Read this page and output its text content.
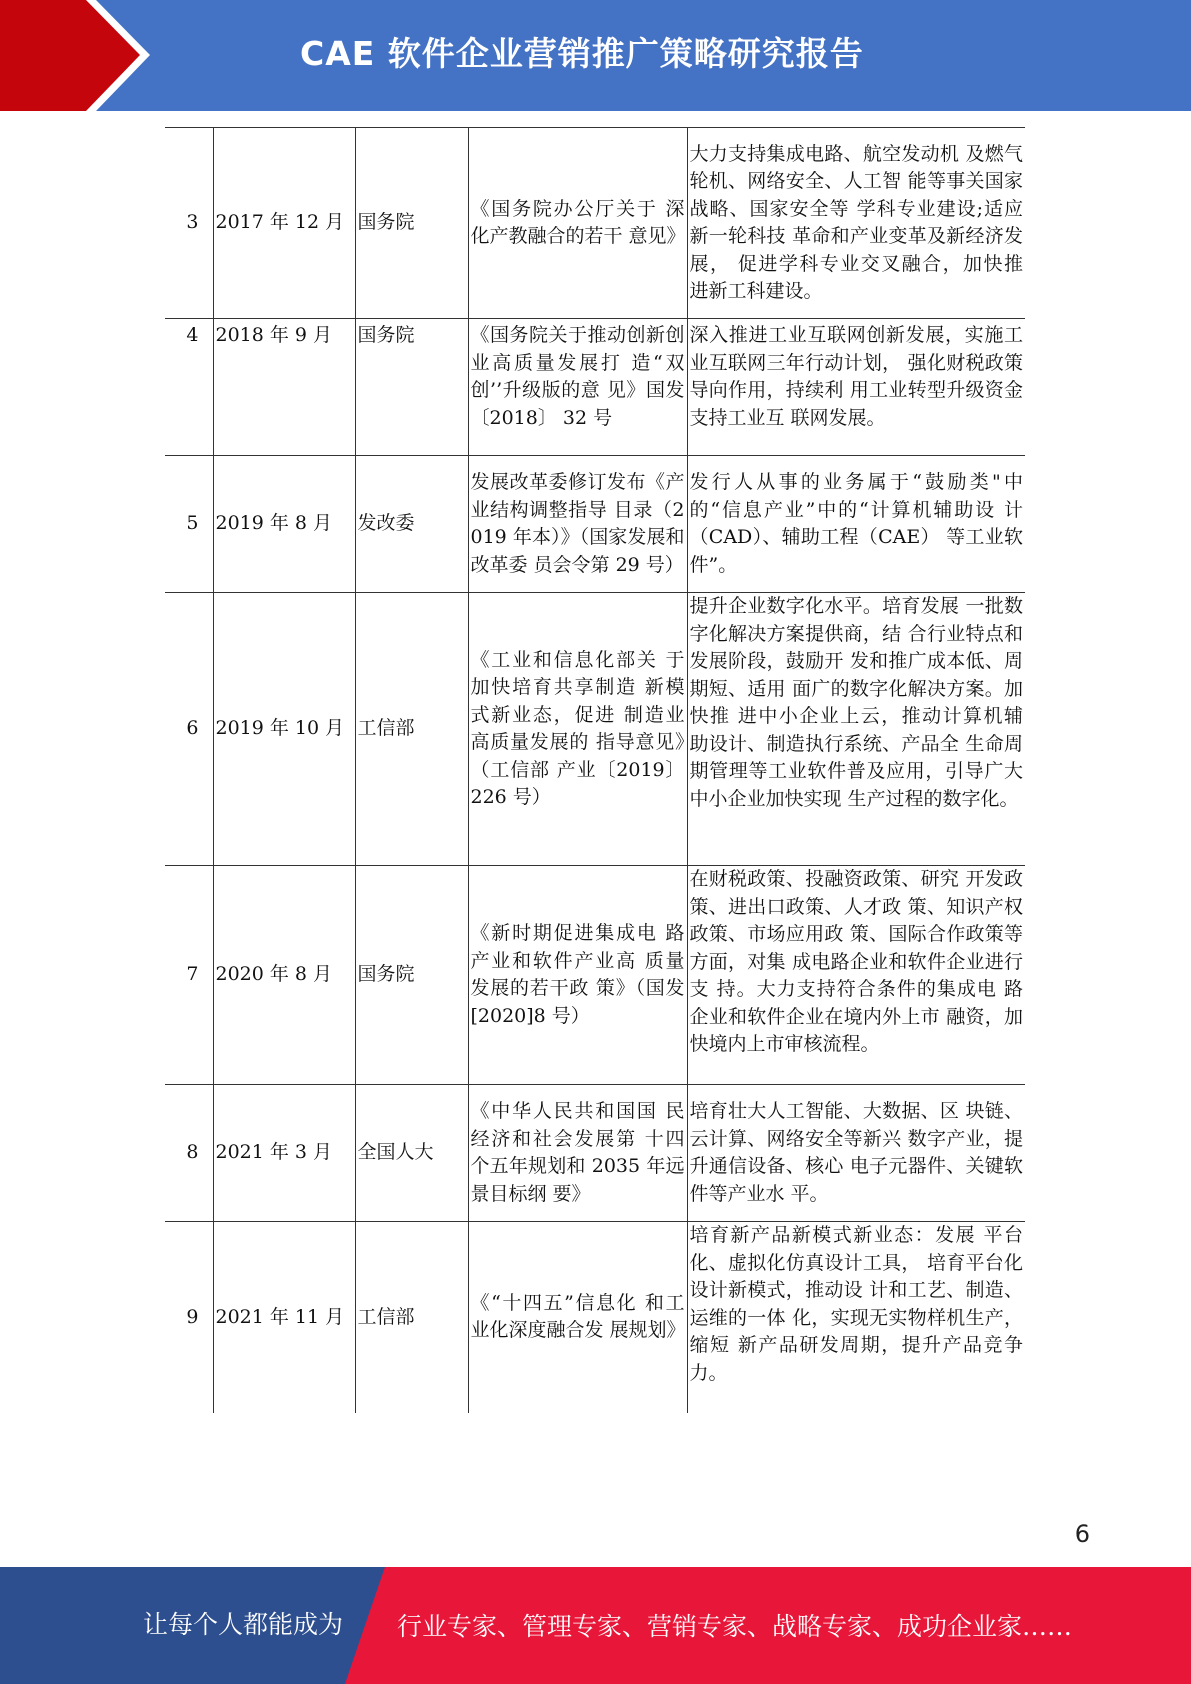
CAE 软件企业营销推广策略研究报告
3	2017 年 12 月	国务院	《国务院办公厅关于 深化产教融合的若干 意见》	大力支持集成电路、航空发动机 及燃气轮机、网络安全、人工智 能等事关国家战略、国家安全等 学科专业建设;适应新一轮科技 革命和产业变革及新经济发展， 促进学科专业交叉融合，加快推 进新工科建设。
4	2018 年 9 月	国务院	《国务院关于推动创新创业高质量发展打 造“双创’’升级版的意 见》国发〔2018〕 32 号	深入推进工业互联网创新发展，实施工业互联网三年行动计划， 强化财税政策导向作用，持续利 用工业转型升级资金支持工业互 联网发展。
5	2019 年 8 月	发改委	发展改革委修订发布《产业结构调整指导 目录（2019 年本）》（国家发展和改革委 员会令第 29 号）	发行人从事的业务属于“鼓励类"中 的“信息产业”中的“计算机辅助设 计（CAD）、辅助工程（CAE） 等工业软件”。
6	2019 年 10 月	工信部	《工业和信息化部关 于加快培育共享制造 新模式新业态，促进 制造业高质量发展的 指导意见》（工信部 产业〔2019〕 226 号）	提升企业数字化水平。培育发展 一批数字化解决方案提供商，结 合行业特点和发展阶段，鼓励开 发和推广成本低、周期短、适用 面广的数字化解决方案。加快推 进中小企业上云，推动计算机辅 助设计、制造执行系统、产品全 生命周期管理等工业软件普及应用，引导广大中小企业加快实现 生产过程的数字化。
7	2020 年 8 月	国务院	《新时期促进集成电 路产业和软件产业高 质量发展的若干政 策》（国发[2020]8 号）	在财税政策、投融资政策、研究 开发政策、进出口政策、人才政 策、知识产权政策、市场应用政 策、国际合作政策等方面，对集 成电路企业和软件企业进行支 持。大力支持符合条件的集成电 路企业和软件企业在境内外上市 融资，加快境内上市审核流程。
8	2021 年 3 月	全国人大	《中华人民共和国国 民经济和社会发展第 十四个五年规划和 2035 年远景目标纲 要》	培育壮大人工智能、大数据、区 块链、云计算、网络安全等新兴 数字产业，提升通信设备、核心 电子元器件、关键软件等产业水 平。
9	2021 年 11 月	工信部	《“十四五”信息化 和工业化深度融合发 展规划》	培育新产品新模式新业态：发展 平台化、虚拟化仿真设计工具， 培育平台化设计新模式，推动设 计和工艺、制造、运维的一体 化，实现无实物样机生产，缩短 新产品研发周期，提升产品竞争 力。
6
让每个人都能成为 行业专家、管理专家、营销专家、战略专家、成功企业家……
